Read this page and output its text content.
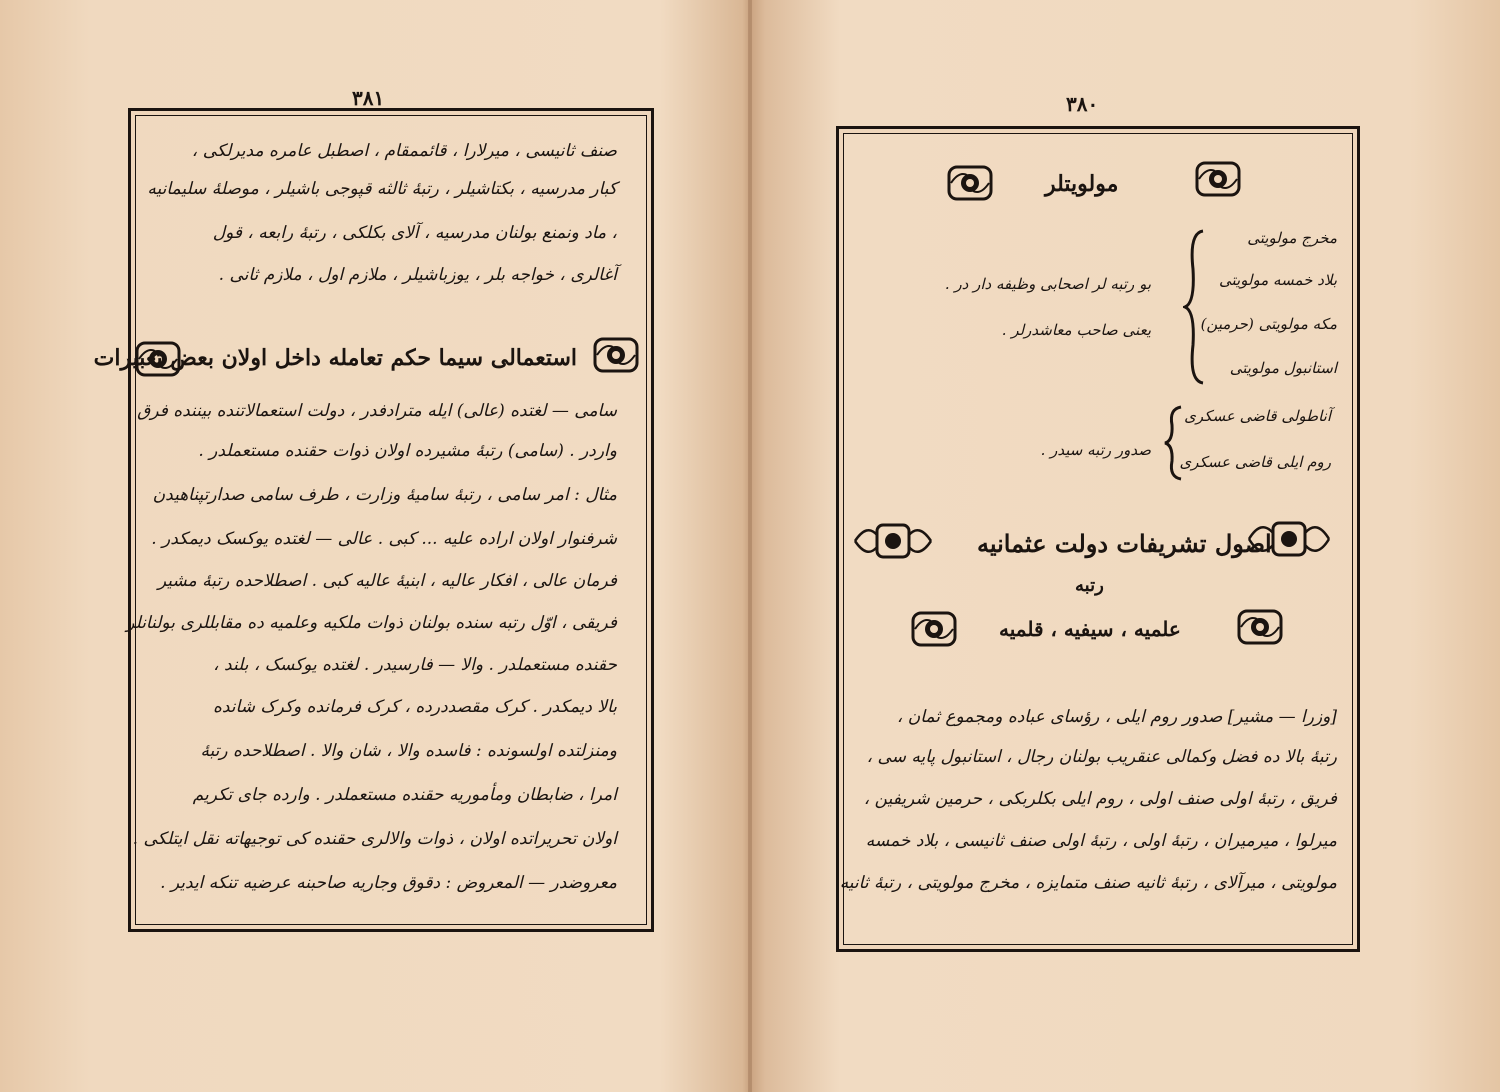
۳۸۱
صنف ثانیسی ، میرلارا ، قائممقام ، اصطبل عامره مدیرلکی ،
کبار مدرسیه ، بکتاشیلر ، رتبهٔ ثالثه قپوجی باشیلر ، موصلهٔ سلیمانیه
، ماد ونمنع بولنان مدرسیه ، آلای بکلکی ، رتبهٔ رابعه ، قول
آغالری ، خواجه بلر ، یوزباشیلر ، ملازم اول ، ملازم ثانی .
استعمالی سیما حکم تعامله داخل اولان بعض تعبیرات
سامی — لغتده (عالی) ایله مترادفدر ، دولت استعمالاتنده بیننده فرق
واردر . (سامی) رتبهٔ مشیرده اولان ذوات حقنده مستعملدر .
مثال : امر سامی ، رتبهٔ سامیهٔ وزارت ، طرف سامی صدارتپناهیدن
شرفنوار اولان اراده علیه ... کبی . عالی — لغتده یوکسک دیمکدر .
فرمان عالی ، افکار عالیه ، ابنیهٔ عالیه کبی . اصطلاحده رتبهٔ مشیر
فریقی ، اوّل رتبه سنده بولنان ذوات ملکیه وعلمیه ده مقابللری بولنانلر
حقنده مستعملدر . والا — فارسیدر . لغتده یوکسک ، بلند ،
بالا دیمکدر . کرک مقصددرده ، کرک فرمانده وکرک شانده
ومنزلتده اولسونده : فاسده والا ، شان والا . اصطلاحده رتبهٔ
امرا ، ضابطان ومأموریه حقنده مستعملدر . وارده جای تکریم
اولان تحریراتده اولان ، ذوات والالری حقنده کی توجیهاته نقل ایتلکی .
معروضدر — المعروض : دقوق وجاریه صاحبنه عرضیه تنکه ایدیر .
۳۸۰
مولویتلر
مخرج مولویتی
بلاد خمسه مولویتی
مکه مولویتی (حرمین)
استانبول مولویتی
بو رتبه لر اصحابی وظیفه دار در .
یعنی صاحب معاشدرلر .
آناطولی قاضی عسکری
روم ایلی قاضی عسکری
صدور رتبه سیدر .
اصول تشریفات دولت عثمانیه
رتبه
علمیه ، سیفیه ، قلمیه
[وزرا — مشیر] صدور روم ایلی ، رؤسای عباده ومجموع ثمان ،
رتبهٔ بالا ده فضل وکمالی عنقریب بولنان رجال ، استانبول پایه سی ،
فریق ، رتبهٔ اولی صنف اولی ، روم ایلی بکلربکی ، حرمین شریفین ،
میرلوا ، میرمیران ، رتبهٔ اولی ، رتبهٔ اولی صنف ثانیسی ، بلاد خمسه
مولویتی ، میرآلای ، رتبهٔ ثانیه صنف متمایزه ، مخرج مولویتی ، رتبهٔ ثانیه
